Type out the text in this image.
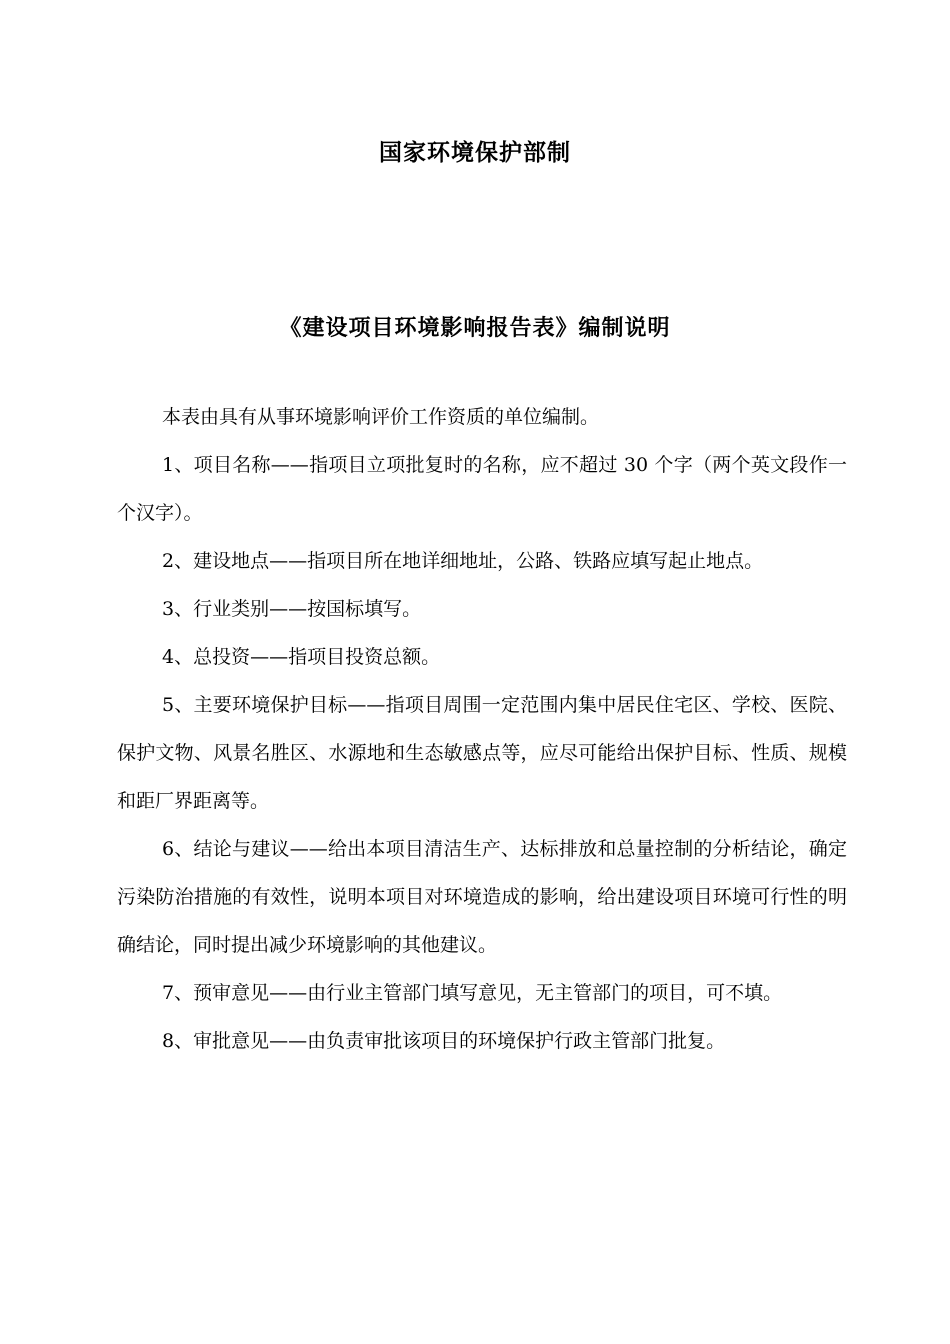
国家环境保护部制
《建设项目环境影响报告表》编制说明

本表由具有从事环境影响评价工作资质的单位编制。

1、项目名称——指项目立项批复时的名称，应不超过 30 个字（两个英文段作一个汉字）。

2、建设地点——指项目所在地详细地址，公路、铁路应填写起止地点。

3、行业类别——按国标填写。

4、总投资——指项目投资总额。

5、主要环境保护目标——指项目周围一定范围内集中居民住宅区、学校、医院、保护文物、风景名胜区、水源地和生态敏感点等，应尽可能给出保护目标、性质、规模和距厂界距离等。

6、结论与建议——给出本项目清洁生产、达标排放和总量控制的分析结论，确定污染防治措施的有效性，说明本项目对环境造成的影响，给出建设项目环境可行性的明确结论，同时提出减少环境影响的其他建议。

7、预审意见——由行业主管部门填写意见，无主管部门的项目，可不填。

8、审批意见——由负责审批该项目的环境保护行政主管部门批复。
